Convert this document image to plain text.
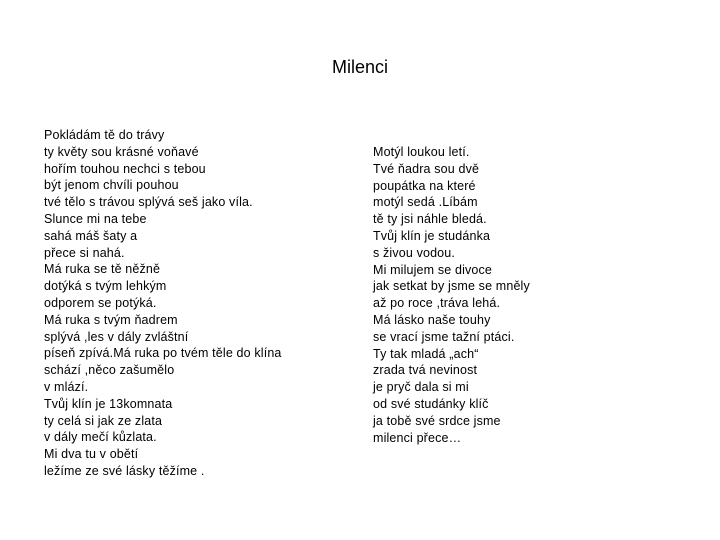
Milenci
Pokládám tě do trávy
ty květy sou krásné voňavé
hořím touhou nechci s tebou
být jenom chvíli pouhou
tvé tělo s trávou splývá seš jako víla.
Slunce mi na tebe
sahá máš šaty a
přece si nahá.
Má ruka se tě něžně
dotýká s tvým lehkým
odporem se potýká.
Má ruka s tvým ňadrem
splývá ,les v dály zvláštní
píseň zpívá.Má ruka po tvém těle do klína
schází ,něco zašumělo
v mlází.
Tvůj klín je 13komnata
ty celá si jak ze zlata
v dály mečí kůzlata.
Mi dva tu v obětí
ležíme ze své lásky těžíme .
Motýl loukou letí.
Tvé ňadra sou dvě
poupátka na které
motýl sedá .Líbám
tě ty jsi náhle bledá.
Tvůj klín je studánka
s živou vodou.
Mi milujem se divoce
jak setkat by jsme se mněly
až po roce ,tráva lehá.
Má lásko naše touhy
se vrací jsme tažní ptáci.
Ty tak mladá „ach“
zrada tvá nevinost
je pryč dala si mi
od své studánky klíč
ja tobě své srdce jsme
milenci přece…
